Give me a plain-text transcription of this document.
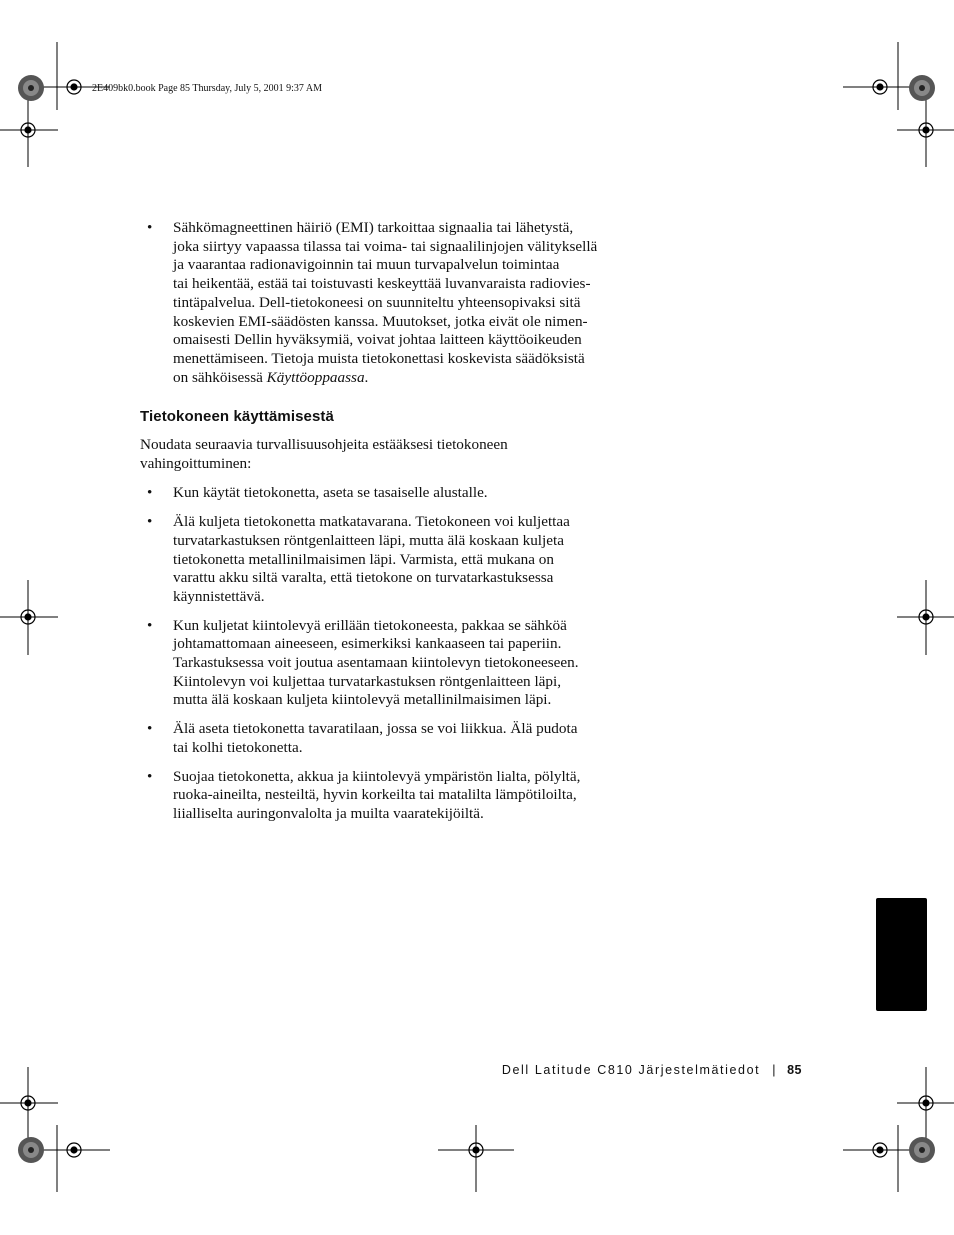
2E409bk0.book Page 85 Thursday, July 5, 2001 9:37 AM
• Sähkömagneettinen häiriö (EMI) tarkoittaa signaalia tai lähetystä,
joka siirtyy vapaassa tilassa tai voima- tai signaalilinjojen välityksellä
ja vaarantaa radionavigoinnin tai muun turvapalvelun toimintaa
tai heikentää, estää tai toistuvasti keskeyttää luvanvaraista radiovies-
tintäpalvelua. Dell-tietokoneesi on suunniteltu yhteensopivaksi sitä
koskevien EMI-säädösten kanssa. Muutokset, jotka eivät ole nimen-
omaisesti Dellin hyväksymiä, voivat johtaa laitteen käyttöoikeuden
menettämiseen. Tietoja muista tietokonettasi koskevista säädöksistä
on sähköisessä Käyttöoppaassa.
Tietokoneen käyttämisestä

Noudata seuraavia turvallisuusohjeita estääksesi tietokoneen
vahingoittuminen:

• Kun käytät tietokonetta, aseta se tasaiselle alustalle.
• Älä kuljeta tietokonetta matkatavarana. Tietokoneen voi kuljettaa
turvatarkastuksen röntgenlaitteen läpi, mutta älä koskaan kuljeta
tietokonetta metallinilmaisimen läpi. Varmista, että mukana on
varattu akku siltä varalta, että tietokone on turvatarkastuksessa
käynnistettävä.
• Kun kuljetat kiintolevyä erillään tietokoneesta, pakkaa se sähköä
johtamattomaan aineeseen, esimerkiksi kankaaseen tai paperiin.
Tarkastuksessa voit joutua asentamaan kiintolevyn tietokoneeseen.
Kiintolevyn voi kuljettaa turvatarkastuksen röntgenlaitteen läpi,
mutta älä koskaan kuljeta kiintolevyä metallinilmaisimen läpi.
• Älä aseta tietokonetta tavaratilaan, jossa se voi liikkua. Älä pudota
tai kolhi tietokonetta.
• Suojaa tietokonetta, akkua ja kiintolevyä ympäristön lialta, pölyltä,
ruoka-aineilta, nesteiltä, hyvin korkeilta tai matalilta lämpötiloilta,
liialliselta auringonvalolta ja muilta vaaratekijöiltä.
Dell Latitude C810 Järjestelmätiedot | 85
